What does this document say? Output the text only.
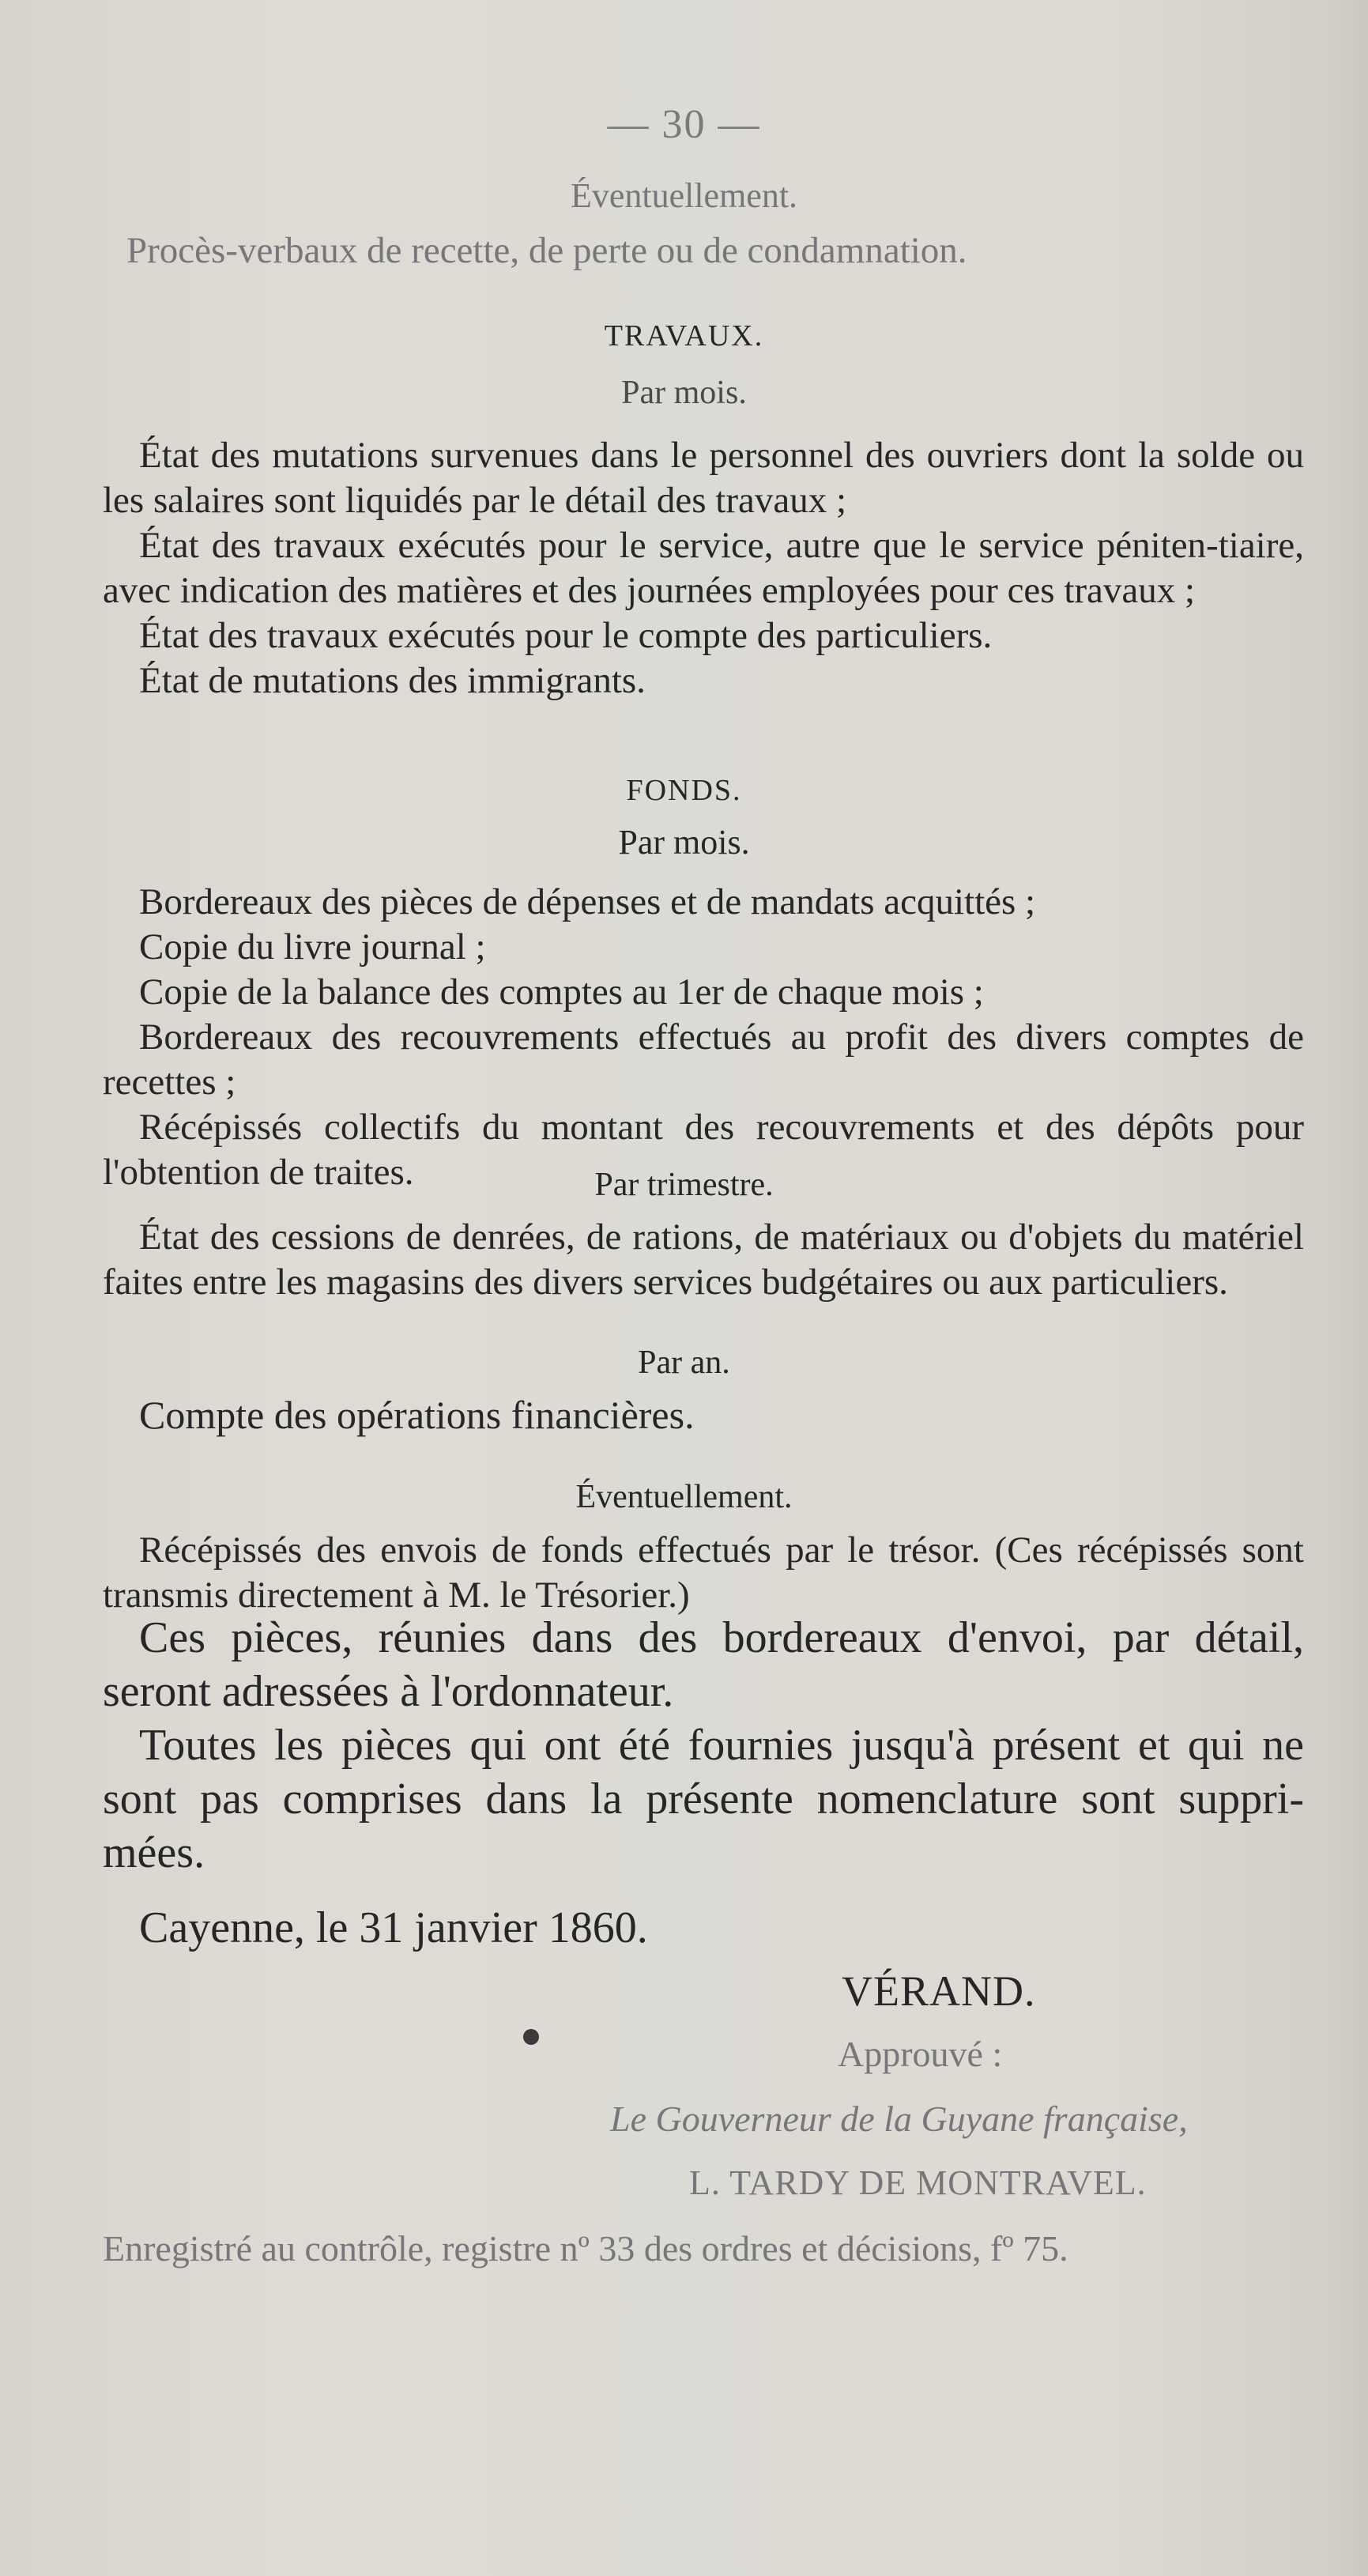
— 30 —
Éventuellement.
Procès-verbaux de recette, de perte ou de condamnation.
TRAVAUX.
Par mois.

État des mutations survenues dans le personnel des ouvriers dont la solde ou les salaires sont liquidés par le détail des travaux ;

État des travaux exécutés pour le service, autre que le service péniten-tiaire, avec indication des matières et des journées employées pour ces travaux ;

État des travaux exécutés pour le compte des particuliers.

État de mutations des immigrants.

FONDS.
Par mois.

Bordereaux des pièces de dépenses et de mandats acquittés ;

Copie du livre journal ;

Copie de la balance des comptes au 1er de chaque mois ;

Bordereaux des recouvrements effectués au profit des divers comptes de recettes ;

Récépissés collectifs du montant des recouvrements et des dépôts pour l'obtention de traites.	Par trimestre.

État des cessions de denrées, de rations, de matériaux ou d'objets du matériel faites entre les magasins des divers services budgétaires ou aux particuliers.

Par an.

Compte des opérations financières.

Éventuellement.

Récépissés des envois de fonds effectués par le trésor. (Ces récépissés sont transmis directement à M. le Trésorier.)

Ces pièces, réunies dans des bordereaux d'envoi, par détail, seront adressées à l'ordonnateur.

Toutes les pièces qui ont été fournies jusqu'à présent et qui ne sont pas comprises dans la présente nomenclature sont suppri-mées.

Cayenne, le 31 janvier 1860.
VÉRAND.
Approuvé :
Le Gouverneur de la Guyane française,
L. TARDY DE MONTRAVEL.
Enregistré au contrôle, registre nº 33 des ordres et décisions, fº 75.
